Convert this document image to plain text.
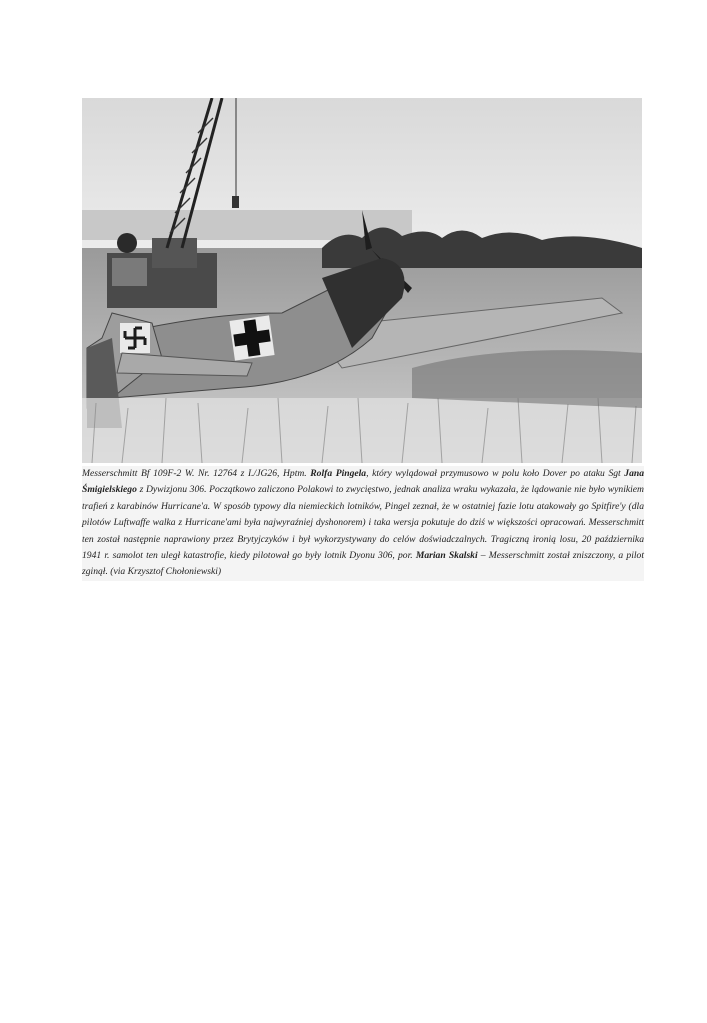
Messerschmitt Bf 109F-2 W. Nr. 12764 z I./JG26, Hptm. Rolfa Pingela, który wylądował przymusowo w polu koło Dover po ataku Sgt Jana Śmigielskiego z Dywizjonu 306. Początkowo zaliczono Polakowi to zwycięstwo, jednak analiza wraku wykazała, że lądowanie nie było wynikiem trafień z karabinów Hurricane'a. W sposób typowy dla niemieckich lotników, Pingel zeznał, że w ostatniej fazie lotu atakowały go Spitfire'y (dla pilotów Luftwaffe walka z Hurricane'ami była najwyraźniej dyshonorem) i taka wersja pokutuje do dziś w większości opracowań. Messerschmitt ten został następnie naprawiony przez Brytyjczyków i był wykorzystywany do celów doświadczalnych. Tragiczną ironią losu, 20 października 1941 r. samolot ten uległ katastrofie, kiedy pilotował go były lotnik Dyonu 306, por. Marian Skalski – Messerschmitt został zniszczony, a pilot zginął. (via Krzysztof Chołoniewski)
